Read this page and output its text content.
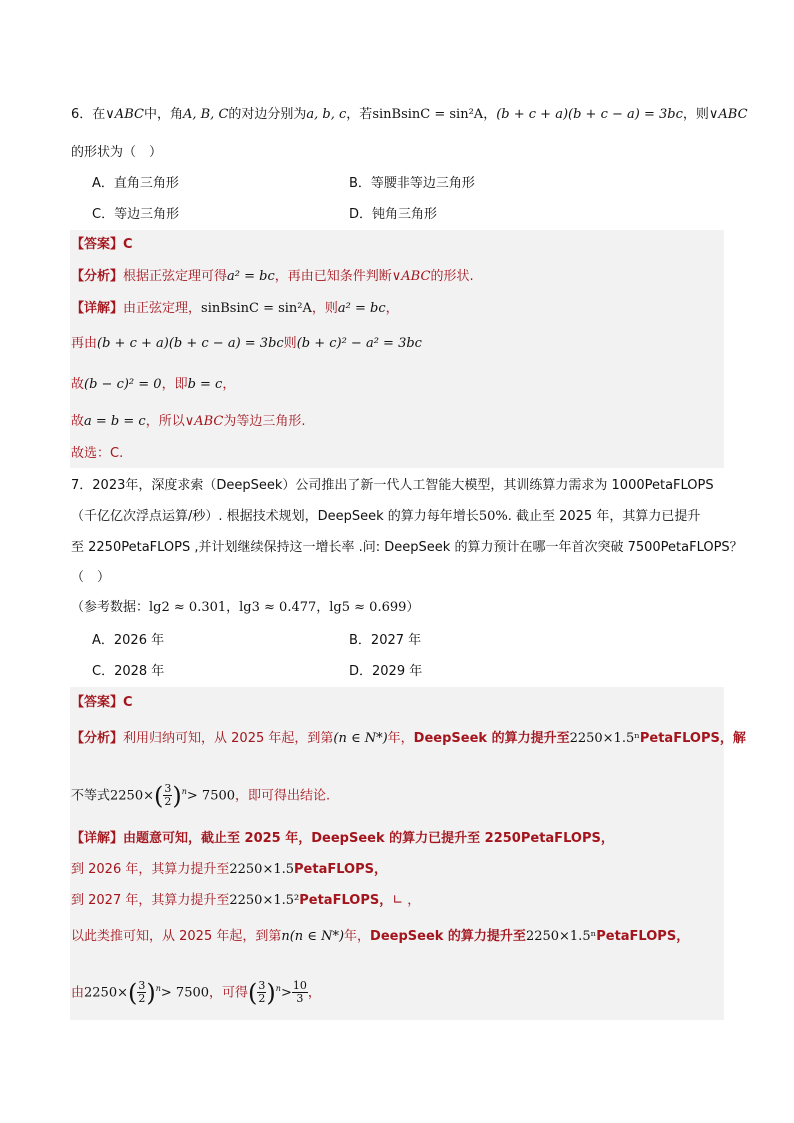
6．在∨ABC中，角A, B, C的对边分别为a, b, c，若sinBsinC = sin²A，(b + c + a)(b + c − a) = 3bc，则∨ABC
的形状为（　）
A．直角三角形	B．等腰非等边三角形
C．等边三角形	D．钝角三角形
【答案】C
【分析】根据正弦定理可得a² = bc，再由已知条件判断∨ABC的形状.
【详解】由正弦定理，sinBsinC = sin²A，则a² = bc，
再由(b + c + a)(b + c − a) = 3bc则(b + c)² − a² = 3bc
故(b − c)² = 0，即b = c，
故a = b = c，所以∨ABC为等边三角形.
故选：C.
7．2023年，深度求索（DeepSeek）公司推出了新一代人工智能大模型，其训练算力需求为 1000PetaFLOPS
（千亿亿次浮点运算/秒）. 根据技术规划，DeepSeek 的算力每年增长50%. 截止至 2025 年，其算力已提升
至 2250PetaFLOPS ,并计划继续保持这一增长率 .问: DeepSeek 的算力预计在哪一年首次突破 7500PetaFLOPS？
（　）
（参考数据：lg2 ≈ 0.301，lg3 ≈ 0.477，lg5 ≈ 0.699）
A．2026 年	B．2027 年
C．2028 年	D．2029 年
【答案】C
【分析】利用归纳可知，从 2025 年起，到第(n ∈ N*)年，DeepSeek 的算力提升至2250×1.5ⁿPetaFLOPS，解
不等式$2250\times( \frac{3}{2} )^n> 7500$，即可得出结论.
【详解】由题意可知，截止至 2025 年，DeepSeek 的算力已提升至 2250PetaFLOPS，
到 2026 年，其算力提升至2250×1.5PetaFLOPS，
到 2027 年，其算力提升至2250×1.5²PetaFLOPS，∟ ，
以此类推可知，从 2025 年起，到第n(n ∈ N*)年，DeepSeek 的算力提升至2250×1.5ⁿPetaFLOPS，
由$2250\times( \frac{3}{2} )^n> 7500$，可得( $\frac{3}{2} )^n> \frac{10}{3}$ ，
